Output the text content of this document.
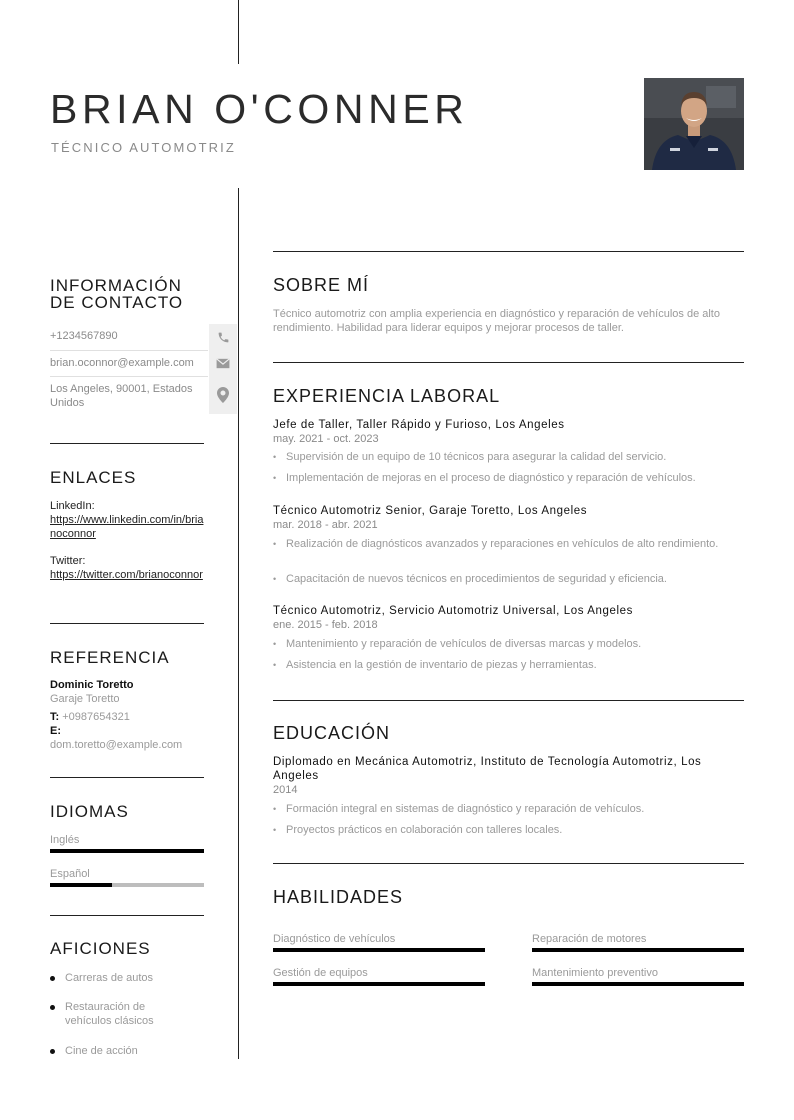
BRIAN O'CONNER
TÉCNICO AUTOMOTRIZ
INFORMACIÓN
DE CONTACTO
+1234567890
brian.oconnor@example.com
Los Angeles, 90001, Estados Unidos
ENLACES
LinkedIn:
https://www.linkedin.com/in/brianoconnor
Twitter:
https://twitter.com/brianoconnor
REFERENCIA
Dominic Toretto
Garaje Toretto
T: +0987654321
E: dom.toretto@example.com
IDIOMAS
Inglés
Español
AFICIONES
Carreras de autos
Restauración de vehículos clásicos
Cine de acción
SOBRE MÍ
Técnico automotriz con amplia experiencia en diagnóstico y reparación de vehículos de alto rendimiento. Habilidad para liderar equipos y mejorar procesos de taller.
EXPERIENCIA LABORAL
Jefe de Taller, Taller Rápido y Furioso, Los Angeles
may. 2021 - oct. 2023
• Supervisión de un equipo de 10 técnicos para asegurar la calidad del servicio.
• Implementación de mejoras en el proceso de diagnóstico y reparación de vehículos.
Técnico Automotriz Senior, Garaje Toretto, Los Angeles
mar. 2018 - abr. 2021
• Realización de diagnósticos avanzados y reparaciones en vehículos de alto rendimiento.
• Capacitación de nuevos técnicos en procedimientos de seguridad y eficiencia.
Técnico Automotriz, Servicio Automotriz Universal, Los Angeles
ene. 2015 - feb. 2018
• Mantenimiento y reparación de vehículos de diversas marcas y modelos.
• Asistencia en la gestión de inventario de piezas y herramientas.
EDUCACIÓN
Diplomado en Mecánica Automotriz, Instituto de Tecnología Automotriz, Los Angeles
2014
• Formación integral en sistemas de diagnóstico y reparación de vehículos.
• Proyectos prácticos en colaboración con talleres locales.
HABILIDADES
Diagnóstico de vehículos	Reparación de motores
Gestión de equipos	Mantenimiento preventivo
